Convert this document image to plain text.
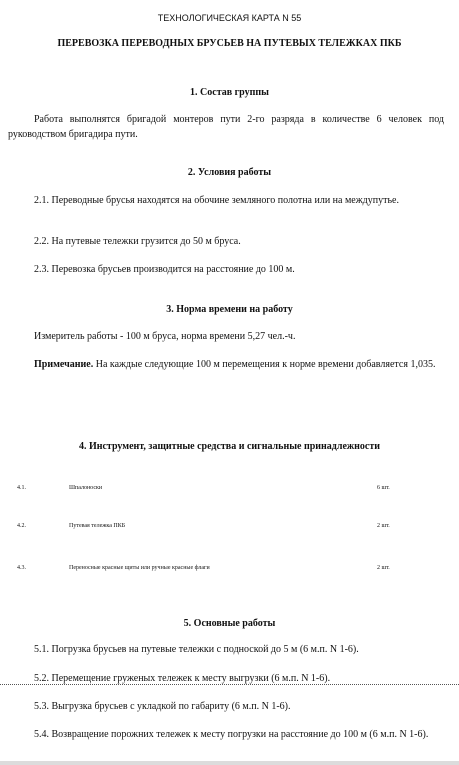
ТЕХНОЛОГИЧЕСКАЯ КАРТА N 55
ПЕРЕВОЗКА ПЕРЕВОДНЫХ БРУСЬЕВ НА ПУТЕВЫХ ТЕЛЕЖКАХ ПКБ
1. Состав группы
Работа выполнятся бригадой монтеров пути 2-го разряда в количестве 6 человек под руководством бригадира пути.
2. Условия работы
2.1. Переводные брусья находятся на обочине земляного полотна или на междупутье.
2.2. На путевые тележки грузится до 50 м бруса.
2.3. Перевозка брусьев производится на расстояние до 100 м.
3. Норма времени на работу
Измеритель работы - 100 м бруса, норма времени 5,27 чел.-ч.
Примечание. На каждые следующие 100 м перемещения к норме времени добавляется 1,035.
4. Инструмент, защитные средства и сигнальные принадлежности
4.1.	Шпалоноски	6 шт.
4.2.	Путевая тележка ПКБ	2 шт.
4.3.	Переносные красные щиты или ручные красные флаги	2 шт.
5. Основные работы
5.1. Погрузка брусьев на путевые тележки с подноской до 5 м (6 м.п. N 1-6).
5.2. Перемещение груженых тележек к месту выгрузки (6 м.п. N 1-6).
5.3. Выгрузка брусьев с укладкой по габариту (6 м.п. N 1-6).
5.4. Возвращение порожних тележек к месту погрузки на расстояние до 100 м (6 м.п. N 1-6).
